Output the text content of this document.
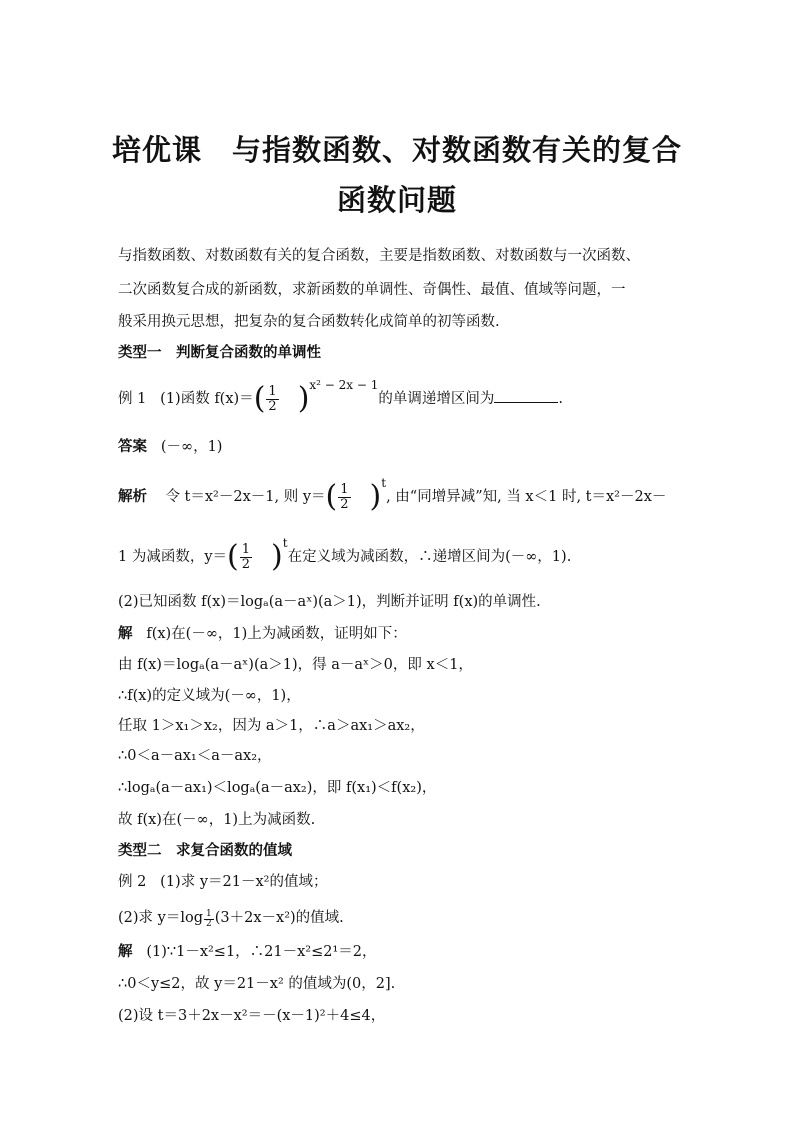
培优课　与指数函数、对数函数有关的复合
函数问题
与指数函数、对数函数有关的复合函数，主要是指数函数、对数函数与一次函数、
二次函数复合成的新函数，求新函数的单调性、奇偶性、最值、值域等问题，一
般采用换元思想，把复杂的复合函数转化成简单的初等函数.
类型一　判断复合函数的单调性
例 1 (1)函数 $f(x)=( \frac{1}{2} )^{x^2 - 2x - 1}$的单调递增区间为	.
答案 (－∞，1)
解析 令 t＝x²－2x－1, 则 $y=( \frac{1}{2} )^t$, 由“同增异减”知, 当 x＜1 时, t＝x²－2x－
1 为减函数，$y=( \frac{1}{2} )^t$在定义域为减函数，∴递增区间为(－∞，1).
(2)已知函数 f(x)＝logₐ(a－aˣ)(a＞1)，判断并证明 f(x)的单调性.
解 f(x)在(－∞，1)上为减函数，证明如下：
由 f(x)＝logₐ(a－aˣ)(a＞1)，得 a－aˣ＞0，即 x＜1，
∴f(x)的定义域为(－∞，1)，
任取 1＞x₁＞x₂，因为 a＞1，∴a＞ax₁＞ax₂，
∴0＜a－ax₁＜a－ax₂，
∴logₐ(a－ax₁)＜logₐ(a－ax₂)，即 f(x₁)＜f(x₂)，
故 f(x)在(－∞，1)上为减函数.
类型二　求复合函数的值域
例 2 (1)求 y＝21－x²的值域；
(2)求 $y=\log \frac{1}{2} (3+2x-x^2)$的值域.
解 (1)∵1－x²≤1，∴21－x²≤2¹＝2，
∴0＜y≤2，故 y＝21－x² 的值域为(0，2].
(2)设 t＝3＋2x－x²＝－(x－1)²＋4≤4，
